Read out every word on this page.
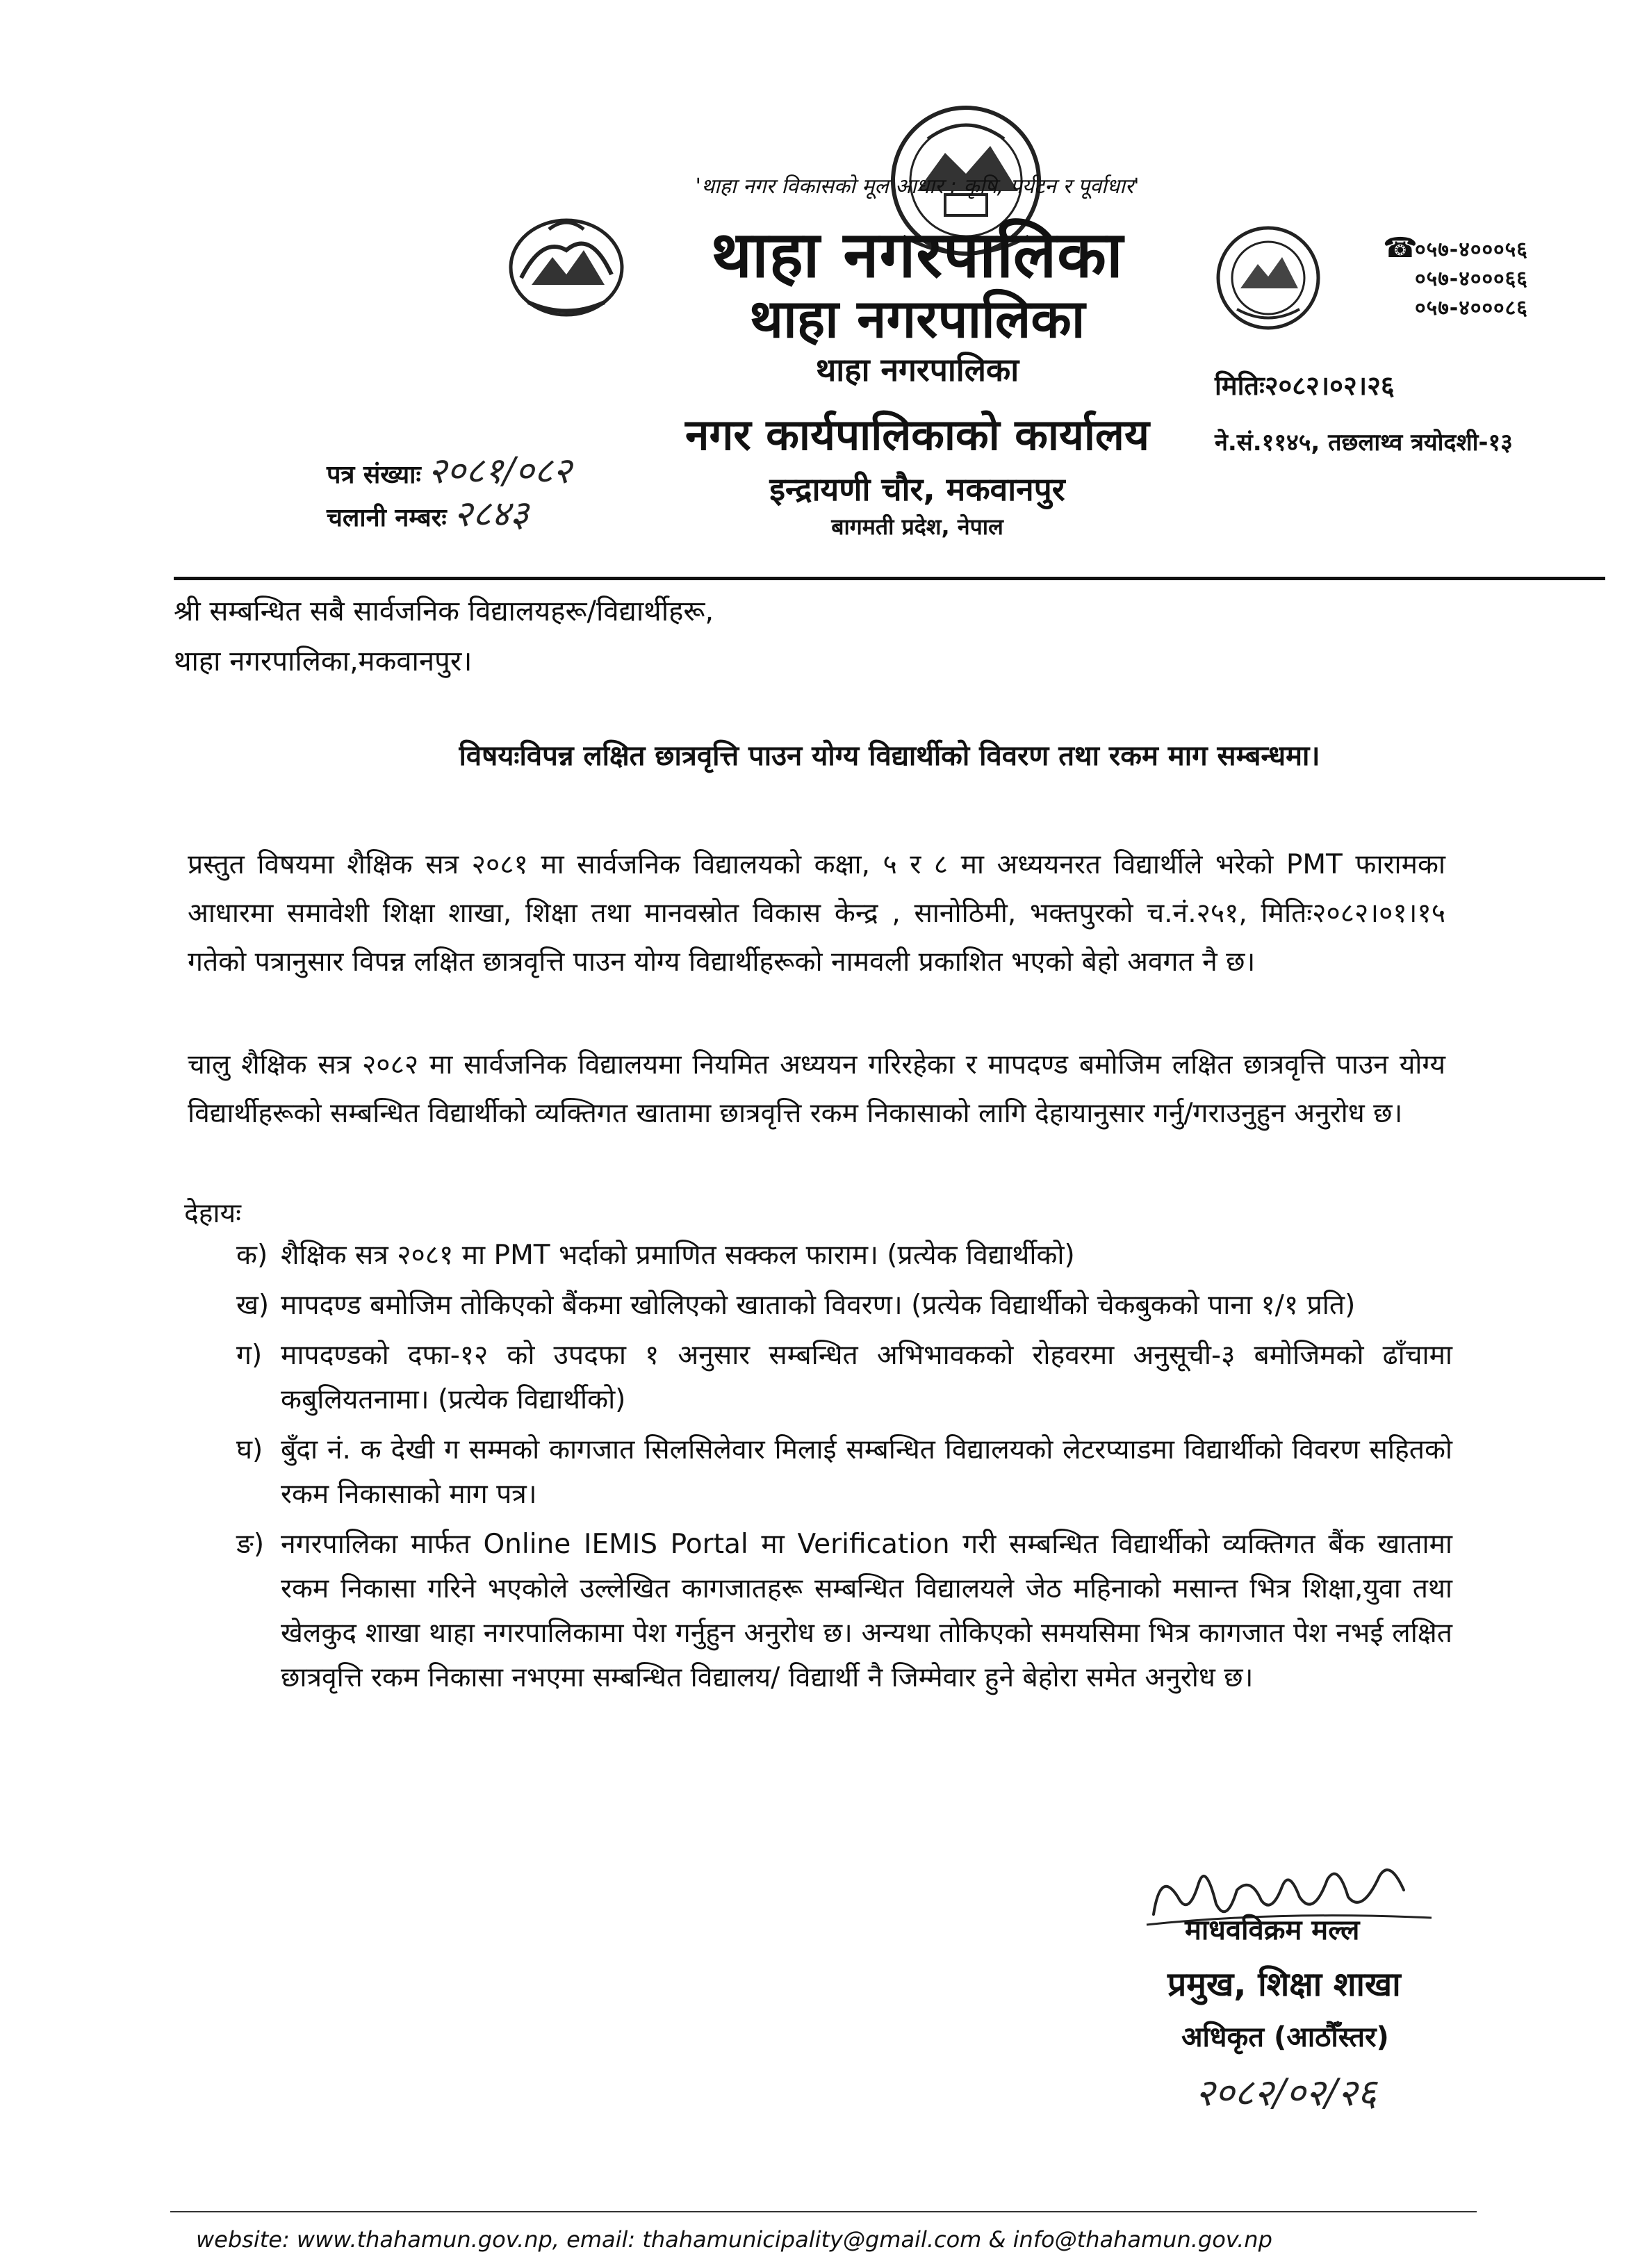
'थाहा नगर विकासको मूल आधार : कृषि, पर्यटन र पूर्वाधार'
थाहा नगरपालिका
थाहा नगरपालिका
थाहा नगरपालिका
नगर कार्यपालिकाको कार्यालय
इन्द्रायणी चौर, मकवानपुर
बागमती प्रदेश, नेपाल
☎
०५७-४०००५६
०५७-४०००६६
०५७-४०००८६
मितिः२०८२।०२।२६
ने.सं.११४५, तछलाथ्व त्रयोदशी-१३
पत्र संख्याः २०८१/०८२
चलानी नम्बरः २८४३
श्री सम्बन्धित सबै सार्वजनिक विद्यालयहरू/विद्यार्थीहरू,
थाहा नगरपालिका,मकवानपुर।
विषयःविपन्न लक्षित छात्रवृत्ति पाउन योग्य विद्यार्थीको विवरण तथा रकम माग सम्बन्धमा।

प्रस्तुत विषयमा शैक्षिक सत्र २०८१ मा सार्वजनिक विद्यालयको कक्षा, ५ र ८ मा अध्ययनरत विद्यार्थीले भरेको PMT फारामका आधारमा समावेशी शिक्षा शाखा, शिक्षा तथा मानवस्रोत विकास केन्द्र , सानोठिमी, भक्तपुरको च.नं.२५१, मितिः२०८२।०१।१५ गतेको पत्रानुसार विपन्न लक्षित छात्रवृत्ति पाउन योग्य विद्यार्थीहरूको नामवली प्रकाशित भएको बेहो अवगत नै छ।

चालु शैक्षिक सत्र २०८२ मा सार्वजनिक विद्यालयमा नियमित अध्ययन गरिरहेका र मापदण्ड बमोजिम लक्षित छात्रवृत्ति पाउन योग्य विद्यार्थीहरूको सम्बन्धित विद्यार्थीको व्यक्तिगत खातामा छात्रवृत्ति रकम निकासाको लागि देहायानुसार गर्नु/गराउनुहुन अनुरोध छ।

देहायः
क) शैक्षिक सत्र २०८१ मा PMT भर्दाको प्रमाणित सक्कल फाराम। (प्रत्येक विद्यार्थीको)
ख) मापदण्ड बमोजिम तोकिएको बैंकमा खोलिएको खाताको विवरण। (प्रत्येक विद्यार्थीको चेकबुकको पाना १/१ प्रति)
ग) मापदण्डको दफा-१२ को उपदफा १ अनुसार सम्बन्धित अभिभावकको रोहवरमा अनुसूची-३ बमोजिमको ढाँचामा कबुलियतनामा। (प्रत्येक विद्यार्थीको)
घ) बुँदा नं. क देखी ग सम्मको कागजात सिलसिलेवार मिलाई सम्बन्धित विद्यालयको लेटरप्याडमा विद्यार्थीको विवरण सहितको रकम निकासाको माग पत्र।
ङ) नगरपालिका मार्फत Online IEMIS Portal मा Verification गरी सम्बन्धित विद्यार्थीको व्यक्तिगत बैंक खातामा रकम निकासा गरिने भएकोले उल्लेखित कागजातहरू सम्बन्धित विद्यालयले जेठ महिनाको मसान्त भित्र शिक्षा,युवा तथा खेलकुद शाखा थाहा नगरपालिकामा पेश गर्नुहुन अनुरोध छ। अन्यथा तोकिएको समयसिमा भित्र कागजात पेश नभई लक्षित छात्रवृत्ति रकम निकासा नभएमा सम्बन्धित विद्यालय/ विद्यार्थी नै जिम्मेवार हुने बेहोरा समेत अनुरोध छ।
माधवविक्रम मल्ल
प्रमुख, शिक्षा शाखा
अधिकृत (आठौँस्तर)
२०८२/०२/२६
website: www.thahamun.gov.np, email: thahamunicipality@gmail.com & info@thahamun.gov.np
